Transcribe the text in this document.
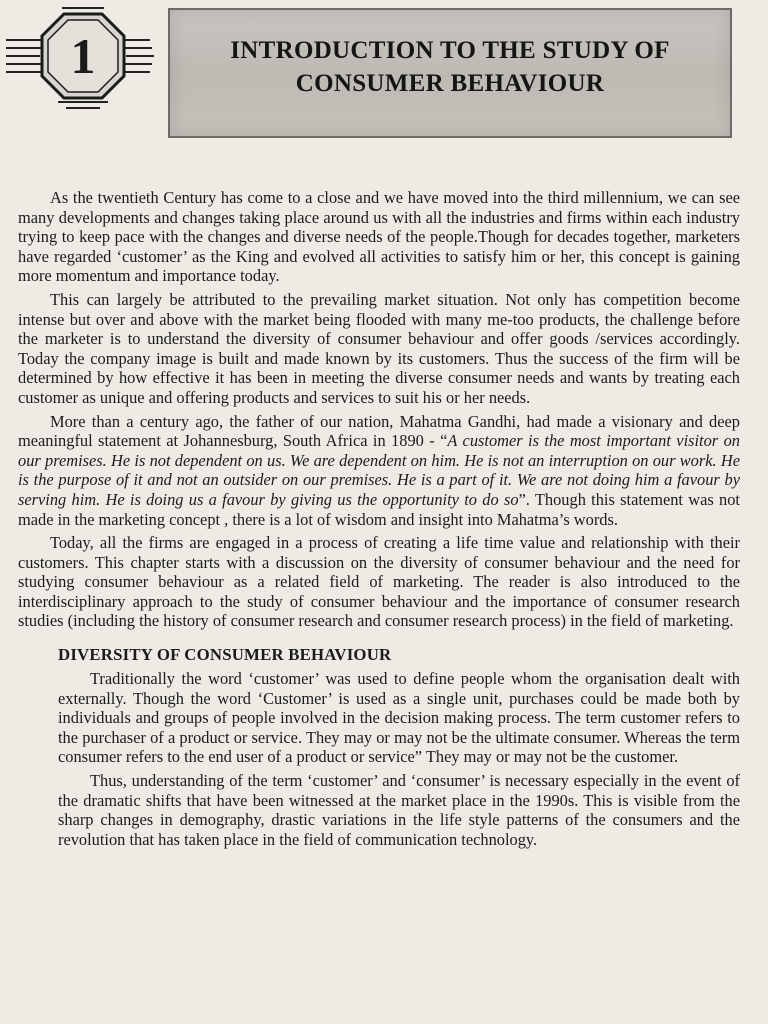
1	INTRODUCTION TO THE STUDY OF
CONSUMER BEHAVIOUR

As the twentieth Century has come to a close and we have moved into the third millennium, we can see many developments and changes taking place around us with all the industries and firms within each industry trying to keep pace with the changes and diverse needs of the people.Though for decades together, marketers have regarded ‘customer’ as the King and evolved all activities to satisfy him or her, this concept is gaining more momentum and importance today.

This can largely be attributed to the prevailing market situation. Not only has competition become intense but over and above with the market being flooded with many me-too products, the challenge before the marketer is to understand the diversity of consumer behaviour and offer goods /services accordingly. Today the company image is built and made known by its customers. Thus the success of the firm will be determined by how effective it has been in meeting the diverse consumer needs and wants by treating each customer as unique and offering products and services to suit his or her needs.

More than a century ago, the father of our nation, Mahatma Gandhi, had made a visionary and deep meaningful statement at Johannesburg, South Africa in 1890 - “A customer is the most important visitor on our premises. He is not dependent on us. We are dependent on him. He is not an interruption on our work. He is the purpose of it and not an outsider on our premises. He is a part of it. We are not doing him a favour by serving him. He is doing us a favour by giving us the opportunity to do so”. Though this statement was not made in the marketing concept , there is a lot of wisdom and insight into Mahatma’s words.

Today, all the firms are engaged in a process of creating a life time value and relationship with their customers. This chapter starts with a discussion on the diversity of consumer behaviour and the need for studying consumer behaviour as a related field of marketing. The reader is also introduced to the interdisciplinary approach to the study of consumer behaviour and the importance of consumer research studies (including the history of consumer research and consumer research process) in the field of marketing.

DIVERSITY OF CONSUMER BEHAVIOUR

Traditionally the word ‘customer’ was used to define people whom the organisation dealt with externally. Though the word ‘Customer’ is used as a single unit, purchases could be made both by individuals and groups of people involved in the decision making process. The term customer refers to the purchaser of a product or service. They may or may not be the ultimate consumer. Whereas the term consumer refers to the end user of a product or service” They may or may not be the customer.

Thus, understanding of the term ‘customer’ and ‘consumer’ is necessary especially in the event of the dramatic shifts that have been witnessed at the market place in the 1990s. This is visible from the sharp changes in demography, drastic variations in the life style patterns of the consumers and the revolution that has taken place in the field of communication technology.
